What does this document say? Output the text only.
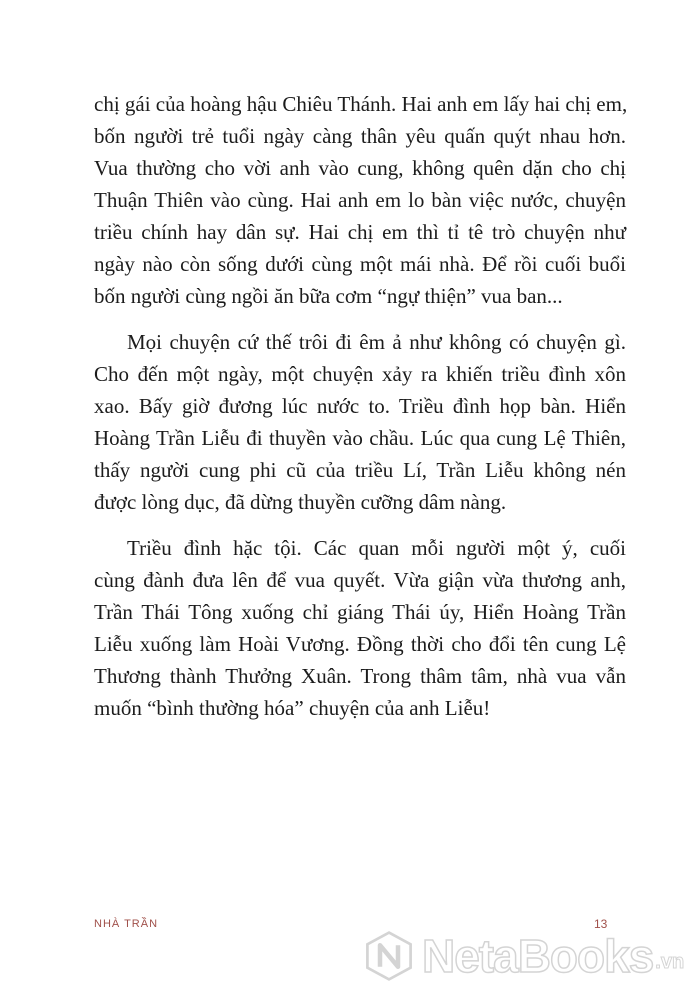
chị gái của hoàng hậu Chiêu Thánh. Hai anh em lấy hai chị em,
bốn người trẻ tuổi ngày càng thân yêu quấn quýt nhau hơn.
Vua thường cho vời anh vào cung, không quên dặn cho chị
Thuận Thiên vào cùng. Hai anh em lo bàn việc nước, chuyện
triều chính hay dân sự. Hai chị em thì tỉ tê trò chuyện như
ngày nào còn sống dưới cùng một mái nhà. Để rồi cuối buổi
bốn người cùng ngồi ăn bữa cơm “ngự thiện” vua ban...
Mọi chuyện cứ thế trôi đi êm ả như không có chuyện gì.
Cho đến một ngày, một chuyện xảy ra khiến triều đình xôn
xao. Bấy giờ đương lúc nước to. Triều đình họp bàn. Hiển
Hoàng Trần Liễu đi thuyền vào chầu. Lúc qua cung Lệ Thiên,
thấy người cung phi cũ của triều Lí, Trần Liễu không nén
được lòng dục, đã dừng thuyền cưỡng dâm nàng.
Triều đình hặc tội. Các quan mỗi người một ý, cuối
cùng đành đưa lên để vua quyết. Vừa giận vừa thương anh,
Trần Thái Tông xuống chỉ giáng Thái úy, Hiển Hoàng Trần
Liễu xuống làm Hoài Vương. Đồng thời cho đổi tên cung Lệ
Thương thành Thưởng Xuân. Trong thâm tâm, nhà vua vẫn
muốn “bình thường hóa” chuyện của anh Liễu!
NHÀ TRẦN	13
NetaBooks .vn
